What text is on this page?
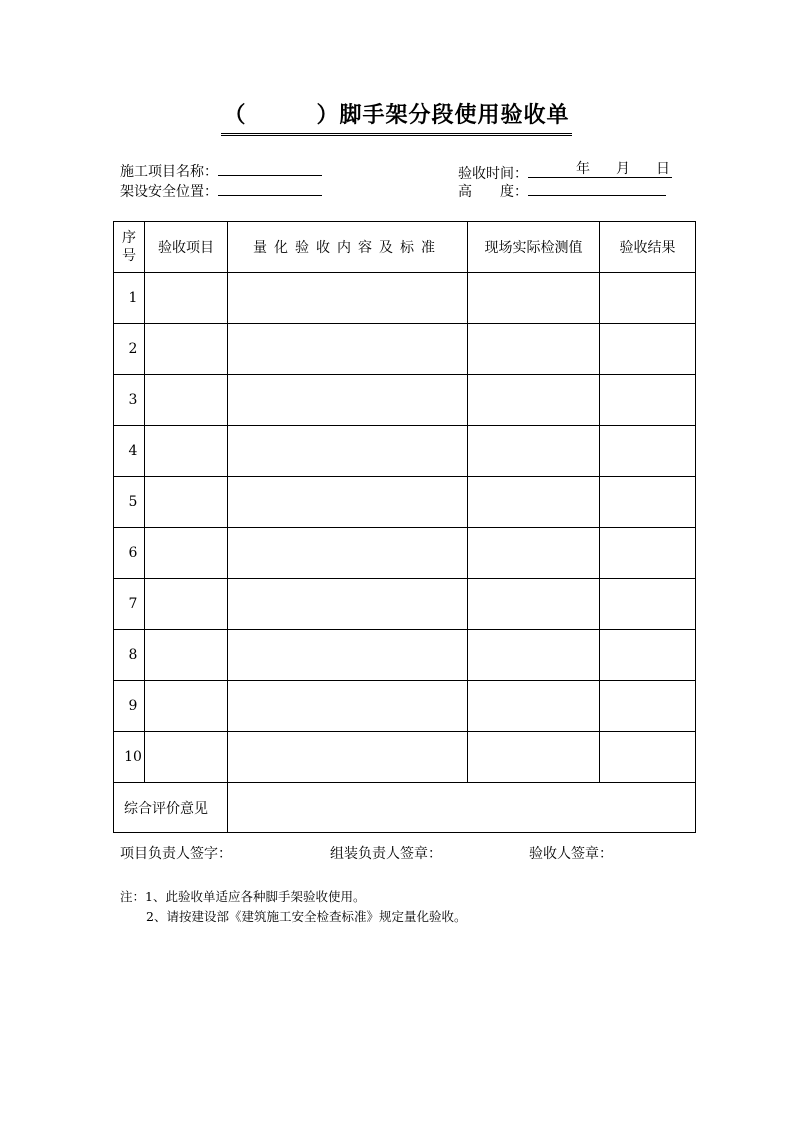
（	）脚手架分段使用验收单
施工项目名称：
架设安全位置：
验收时间：	年 月 日
高　　度：
序号	验收项目	量化验收内容及标准	现场实际检测值	验收结果
1				
2				
3				
4				
5				
6				
7				
8				
9				
10				
综合评价意见				
项目负责人签字：	组装负责人签章：	验收人签章：
注：1、此验收单适应各种脚手架验收使用。
2、请按建设部《建筑施工安全检查标准》规定量化验收。
